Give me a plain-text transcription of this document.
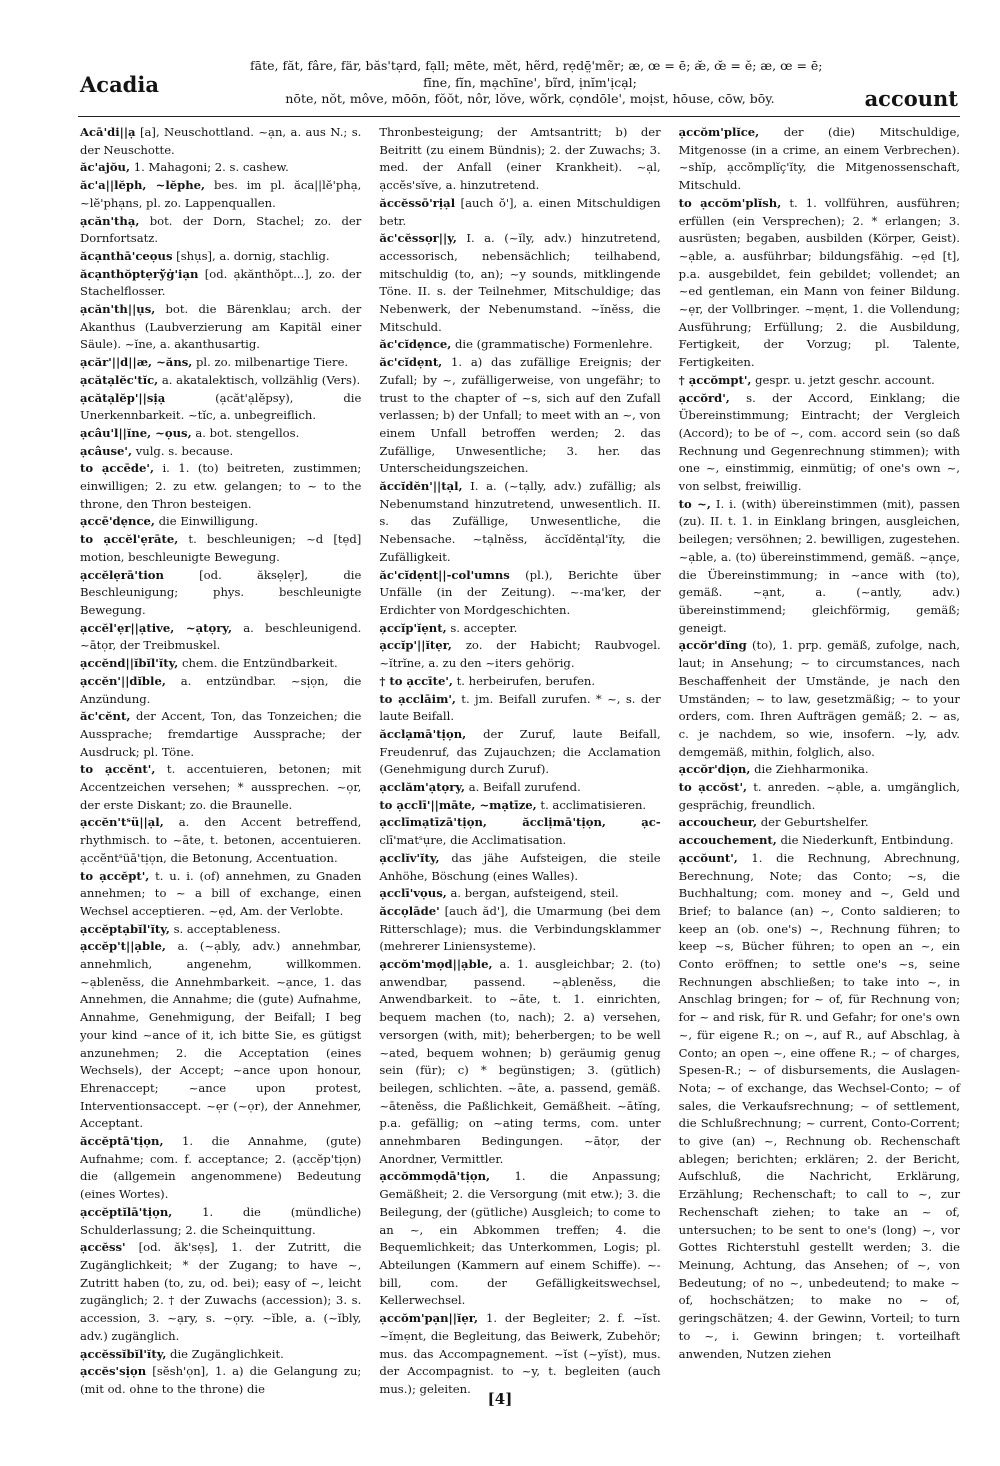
Acadia
fāte, făt, fâre, fär, băs'tạrd, fạll; mēte, mĕt, hẽrd, rẹdē̤'mẽr; æ, œ = ē; æ̆, œ̆ = ĕ; æ, œ = ē;
fīne, fĭn, mạchīne', bĩrd, ịnĭm'ịcạl;
nōte, nŏt, môve, mōōn, fŏŏt, nôr, lŏve, wõrk, cọndōle', moịst, hōuse, cōw, bōy.	account

Acā'di||ạ [a], Neuschottland. ~ạn, a. aus N.; s. der Neuschotte.

ăc'ajŏu, 1. Mahagoni; 2. s. cashew.

ăc'a||lĕph, ~lĕphe, bes. im pl. ăca||lĕ'phạ, ~lĕ'phạns, pl. zo. Lappenquallen.

ạcăn'thạ, bot. der Dorn, Stachel; zo. der Dornfortsatz.

ăcạnthā'ceọus [shụs], a. dornig, stachlig.

ăcạnthŏptẹrўġ'iạn [od. ạkănthŏpt...], zo. der Stachelflosser.

ạcăn'th||ụs, bot. die Bärenklau; arch. der Akanthus (Laubverzierung am Kapitäl einer Säule). ~ĭne, a. akanthusartig.

ạcăr'||d||æ, ~ăns, pl. zo. milbenartige Tiere.

ạcătạlĕc'tĭc, a. akatalektisch, vollzählig (Vers).

ạcătạlĕp'||sịạ	(ạcăt'ạlĕpsy), die Unerkennbarkeit. ~tĭc, a. unbegreiflich.

ạcâu'l||ĭne, ~ọus, a. bot. stengellos.

ạcâuse', vulg. s. because.

to ạccēde', i. 1. (to) beitreten, zustimmen; einwilligen; 2. zu etw. gelangen; to ~ to the throne, den Thron besteigen.

ạccē'dẹnce, die Einwilligung.

to ạccĕl'ẹrāte, t. beschleunigen; ~d [tẹd] motion, beschleunigte Bewegung.

ạccĕlẹrā'tion	[od. ăksẹlẹr], die Beschleunigung; phys. beschleunigte Bewegung.

ạccĕl'ẹr||ạtive, ~ạtọry, a. beschleunigend. ~ātọr, der Treibmuskel.

ạccĕnd||ĭbĭl'ĭty, chem. die Entzündbarkeit.

ạccĕn'||dĭble, a. entzündbar. ~sịọn, die Anzündung.

ăc'cĕnt, der Accent, Ton, das Tonzeichen; die Aussprache; fremdartige Aussprache; der Ausdruck; pl. Töne.

to ạccĕnt', t. accentuieren, betonen; mit Accentzeichen versehen; * aussprechen. ~ọr, der erste Diskant; zo. die Braunelle.

ạccĕn'tˢü||ạl, a. den Accent betreffend, rhythmisch. to ~āte, t. betonen, accentuieren. ạccĕntˢüā'tịọn, die Betonung, Accentuation.

to ạccĕpt', t. u. i. (of) annehmen, zu Gnaden annehmen; to ~ a bill of exchange, einen Wechsel acceptieren. ~ẹd, Am. der Verlobte.

ạccĕptạbĭl'ĭty, s. acceptableness.

ạccĕp't||ạble, a. (~ạbly, adv.) annehmbar, annehmlich, angenehm, willkommen. ~ạblenĕss, die Annehmbarkeit. ~ạnce, 1. das Annehmen, die Annahme; die (gute) Aufnahme, Annahme, Genehmigung, der Beifall; I beg your kind ~ance of it, ich bitte Sie, es gütigst anzunehmen; 2. die Acceptation (eines Wechsels), der Accept; ~ance upon honour, Ehrenaccept; ~ance upon protest, Interventionsaccept. ~ẹr (~ọr), der Annehmer, Acceptant.

ăccĕptā'tịọn, 1. die Annahme, (gute) Aufnahme; com. f. acceptance; 2. (ạccĕp'tịọn) die (allgemein angenommene) Bedeutung (eines Wortes).

ạccĕptĭlā'tịọn,	1. die (mündliche) Schulderlassung; 2. die Scheinquittung.

ạccĕss' [od. ăk'sẹs], 1. der Zutritt, die Zugänglichkeit; * der Zugang; to have ~, Zutritt haben (to, zu, od. bei); easy of ~, leicht zugänglich; 2. † der Zuwachs (accession); 3. s. accession, 3. ~ạry, s. ~ọry. ~ĭble, a. (~ĭbly, adv.) zugänglich.

ạccĕssĭbĭl'ĭty, die Zugänglichkeit.

ạccĕs'sịọn [sĕsh'ọn], 1. a) die Gelangung zu; (mit od. ohne to the throne) die

Thronbesteigung; der Amtsantritt; b) der Beitritt (zu einem Bündnis); 2. der Zuwachs; 3. med. der Anfall (einer Krankheit). ~ạl, ạccĕs'sĭve, a. hinzutretend.

ăccĕssō'rịạl [auch ŏ'], a. einen Mitschuldigen betr.

ăc'cĕssọr||y, I. a. (~ĭly, adv.) hinzutretend, accessorisch, nebensächlich; teilhabend, mitschuldig (to, an); ~y sounds, mitklingende Töne. II. s. der Teilnehmer, Mitschuldige; das Nebenwerk, der Nebenumstand. ~ĭnĕss, die Mitschuld.

ăc'cĭdẹnce, die (grammatische) Formenlehre.

ăc'cĭdẹnt, 1. a) das zufällige Ereignis; der Zufall; by ~, zufälligerweise, von ungefähr; to trust to the chapter of ~s, sich auf den Zufall verlassen; b) der Unfall; to meet with an ~, von einem Unfall betroffen werden; 2. das Zufällige, Unwesentliche; 3. her. das Unterscheidungszeichen.

ăccĭdĕn'||tạl, I. a. (~tạlly, adv.) zufällig; als Nebenumstand hinzutretend, unwesentlich. II. s. das Zufällige, Unwesentliche, die Nebensache. ~tạlnĕss, ăccĭdĕntạl'ĭty, die Zufälligkeit.

ăc'cĭdẹnt||-col'umns (pl.), Berichte über Unfälle (in der Zeitung). ~-ma'ker, der Erdichter von Mordgeschichten.

ạccĭp'ĭẹnt, s. accepter.

ạccĭp'||ĭtẹr, zo. der Habicht; Raubvogel. ~ĭtrĭne, a. zu den ~iters gehörig.

† to ạccīte', t. herbeirufen, berufen.

to ạcclāim', t. jm. Beifall zurufen. * ~, s. der laute Beifall.

ăcclạmā'tịọn, der Zuruf, laute Beifall, Freudenruf, das Zujauchzen; die Acclamation (Genehmigung durch Zuruf).

ạcclăm'ạtọry, a. Beifall zurufend.

to ạcclī'||māte, ~mạtīze, t. acclimatisieren.

ạcclīmạtīzā'tịọn, ăcclịmā'tịọn, ạc- clī'matˢụre, die Acclimatisation.

ạcclĭv'ĭty, das jähe Aufsteigen, die steile Anhöhe, Böschung (eines Walles).

ạcclī'vọus, a. bergan, aufsteigend, steil.

ăccọlāde' [auch ăd'], die Umarmung (bei dem Ritterschlage); mus. die Verbindungsklammer (mehrerer Liniensysteme).

ạccŏm'mọd||ạble, a. 1. ausgleichbar; 2. (to) anwendbar, passend. ~ạblenĕss, die Anwendbarkeit. to ~āte, t. 1. einrichten, bequem machen (to, nach); 2. a) versehen, versorgen (with, mit); beherbergen; to be well ~ated, bequem wohnen; b) geräumig genug sein (für); c) * begünstigen; 3. (gütlich) beilegen, schlichten. ~āte, a. passend, gemäß. ~ātenĕss, die Paßlichkeit, Gemäßheit. ~ātĭng, p.a. gefällig; on ~ating terms, com. unter annehmbaren Bedingungen. ~ātọr, der Anordner, Vermittler.

ạccŏmmọdā'tịọn, 1. die Anpassung; Gemäßheit; 2. die Versorgung (mit etw.); 3. die Beilegung, der (gütliche) Ausgleich; to come to an ~, ein Abkommen treffen; 4. die Bequemlichkeit; das Unterkommen, Logis; pl. Abteilungen (Kammern auf einem Schiffe). ~-bill, com. der Gefälligkeitswechsel, Kellerwechsel.

ạccŏm'pạn||ĭẹr, 1. der Begleiter; 2. f. ~ĭst. ~ĭmẹnt, die Begleitung, das Beiwerk, Zubehör; mus. das Accompagnement. ~ĭst (~yĭst), mus. der Accompagnist. to ~y, t. begleiten (auch mus.); geleiten.

ạccŏm'plĭce, der (die) Mitschuldige, Mitgenosse (in a crime, an einem Verbrechen). ~shĭp, ạccŏmplĭç'ĭty, die Mitgenossenschaft, Mitschuld.

to ạccŏm'plĭsh, t. 1. vollführen, ausführen; erfüllen (ein Versprechen); 2. * erlangen; 3. ausrüsten; begaben, ausbilden (Körper, Geist). ~ạble, a. ausführbar; bildungsfähig. ~ẹd [t], p.a. ausgebildet, fein gebildet; vollendet; an ~ed gentleman, ein Mann von feiner Bildung. ~ẹr, der Vollbringer. ~mẹnt, 1. die Vollendung; Ausführung; Erfüllung; 2. die Ausbildung, Fertigkeit, der Vorzug; pl. Talente, Fertigkeiten.

† ạccŏmpt', gespr. u. jetzt geschr. account.

ạccŏrd', s. der Accord, Einklang; die Übereinstimmung; Eintracht; der Vergleich (Accord); to be of ~, com. accord sein (so daß Rechnung und Gegenrechnung stimmen); with one ~, einstimmig, einmütig; of one's own ~, von selbst, freiwillig.

to ~, I. i. (with) übereinstimmen (mit), passen (zu). II. t. 1. in Einklang bringen, ausgleichen, beilegen; versöhnen; 2. bewilligen, zugestehen. ~ạble, a. (to) übereinstimmend, gemäß. ~ạnçe, die Übereinstimmung; in ~ance with (to), gemäß. ~ạnt, a. (~antly, adv.) übereinstimmend; gleichförmig, gemäß; geneigt.

ạccŏr'dĭng (to), 1. prp. gemäß, zufolge, nach, laut; in Ansehung; ~ to circumstances, nach Beschaffenheit der Umstände, je nach den Umständen; ~ to law, gesetzmäßig; ~ to your orders, com. Ihren Aufträgen gemäß; 2. ~ as, c. je nachdem, so wie, insofern. ~ly, adv. demgemäß, mithin, folglich, also.

ạccŏr'dịọn, die Ziehharmonika.

to ạccŏst', t. anreden. ~ạble, a. umgänglich, gesprächig, freundlich.

accoucheur, der Geburtshelfer.

accouchement, die Niederkunft, Entbindung.

ạccŏunt', 1. die Rechnung, Abrechnung, Berechnung, Note; das Conto; ~s, die Buchhaltung; com. money and ~, Geld und Brief; to balance (an) ~, Conto saldieren; to keep an (ob. one's) ~, Rechnung führen; to keep ~s, Bücher führen; to open an ~, ein Conto eröffnen; to settle one's ~s, seine Rechnungen abschließen; to take into ~, in Anschlag bringen; for ~ of, für Rechnung von; for ~ and risk, für R. und Gefahr; for one's own ~, für eigene R.; on ~, auf R., auf Abschlag, à Conto; an open ~, eine offene R.; ~ of charges, Spesen-R.; ~ of disbursements, die Auslagen-Nota; ~ of exchange, das Wechsel-Conto; ~ of sales, die Verkaufsrechnung; ~ of settlement, die Schlußrechnung; ~ current, Conto-Corrent; to give (an) ~, Rechnung ob. Rechenschaft ablegen; berichten; erklären; 2. der Bericht, Aufschluß, die Nachricht, Erklärung, Erzählung; Rechenschaft; to call to ~, zur Rechenschaft ziehen; to take an ~ of, untersuchen; to be sent to one's (long) ~, vor Gottes Richterstuhl gestellt werden; 3. die Meinung, Achtung, das Ansehen; of ~, von Bedeutung; of no ~, unbedeutend; to make ~ of, hochschätzen; to make no ~ of, geringschätzen; 4. der Gewinn, Vorteil; to turn to ~, i. Gewinn bringen; t. vorteilhaft anwenden, Nutzen ziehen

[4]
